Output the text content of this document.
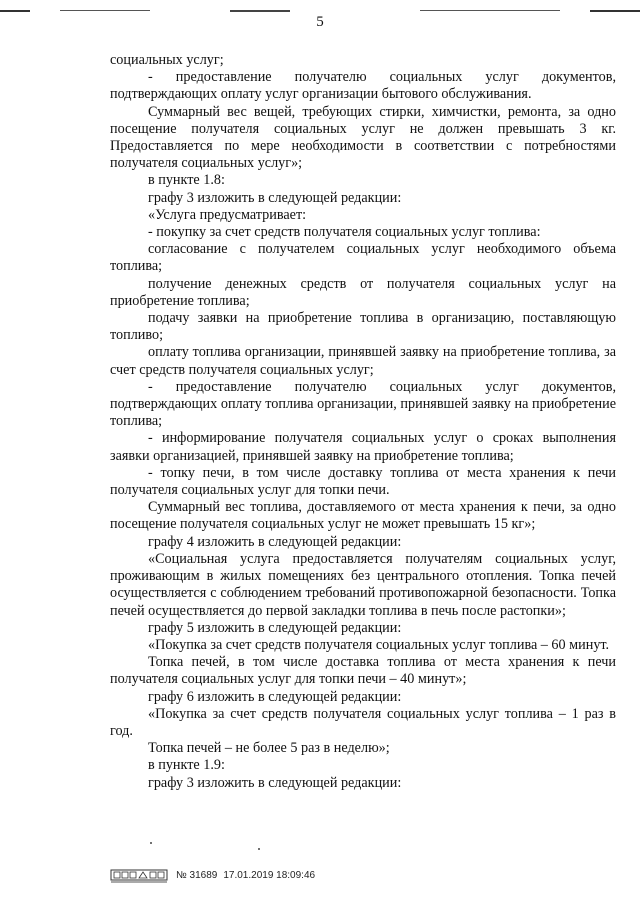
5

социальных услуг;

- предоставление получателю социальных услуг документов, подтверждающих оплату услуг организации бытового обслуживания.

Суммарный вес вещей, требующих стирки, химчистки, ремонта, за одно посещение получателя социальных услуг не должен превышать 3 кг. Предоставляется по мере необходимости в соответствии с потребностями получателя социальных услуг»;

в пункте 1.8:

графу 3 изложить в следующей редакции:

«Услуга предусматривает:

- покупку за счет средств получателя социальных услуг топлива:

согласование с получателем социальных услуг необходимого объема топлива;

получение денежных средств от получателя социальных услуг на приобретение топлива;

подачу заявки на приобретение топлива в организацию, поставляющую топливо;

оплату топлива организации, принявшей заявку на приобретение топлива, за счет средств получателя социальных услуг;

- предоставление получателю социальных услуг документов, подтверждающих оплату топлива организации, принявшей заявку на приобретение топлива;

- информирование получателя социальных услуг о сроках выполнения заявки организацией, принявшей заявку на приобретение топлива;

- топку печи, в том числе доставку топлива от места хранения к печи получателя социальных услуг для топки печи.

Суммарный вес топлива, доставляемого от места хранения к печи, за одно посещение получателя социальных услуг не может превышать 15 кг»;

графу 4 изложить в следующей редакции:

«Социальная услуга предоставляется получателям социальных услуг, проживающим в жилых помещениях без центрального отопления. Топка печей осуществляется с соблюдением требований противопожарной безопасности. Топка печей осуществляется до первой закладки топлива в печь после растопки»;

графу 5 изложить в следующей редакции:

«Покупка за счет средств получателя социальных услуг топлива – 60 минут.

Топка печей, в том числе доставка топлива от места хранения к печи получателя социальных услуг для топки печи – 40 минут»;

графу 6 изложить в следующей редакции:

«Покупка за счет средств получателя социальных услуг топлива – 1 раз в год.

Топка печей – не более 5 раз в неделю»;

в пункте 1.9:

графу 3 изложить в следующей редакции:

№ 31689 17.01.2019 18:09:46
